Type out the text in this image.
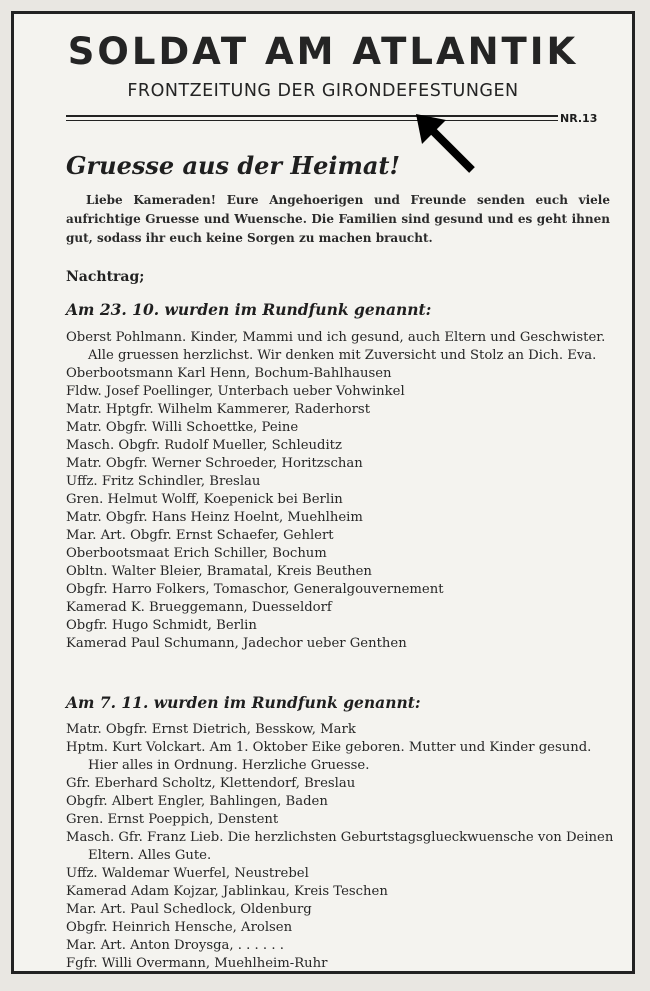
SOLDAT AM ATLANTIK
FRONTZEITUNG DER GIRONDEFESTUNGEN
NR.13
Gruesse aus der Heimat!
Liebe Kameraden! Eure Angehoerigen und Freunde senden euch viele aufrichtige Gruesse und Wuensche. Die Familien sind gesund und es geht ihnen gut, sodass ihr euch keine Sorgen zu machen braucht.
Nachtrag;
Am 23. 10. wurden im Rundfunk genannt:
Oberst Pohlmann. Kinder, Mammi und ich gesund, auch Eltern und Geschwister. Alle gruessen herzlichst. Wir denken mit Zuversicht und Stolz an Dich. Eva.
Oberbootsmann Karl Henn, Bochum-Bahlhausen
Fldw. Josef Poellinger, Unterbach ueber Vohwinkel
Matr. Hptgfr. Wilhelm Kammerer, Raderhorst
Matr. Obgfr. Willi Schoettke, Peine
Masch. Obgfr. Rudolf Mueller, Schleuditz
Matr. Obgfr. Werner Schroeder, Horitzschan
Uffz. Fritz Schindler, Breslau
Gren. Helmut Wolff, Koepenick bei Berlin
Matr. Obgfr. Hans Heinz Hoelnt, Muehlheim
Mar. Art. Obgfr. Ernst Schaefer, Gehlert
Oberbootsmaat Erich Schiller, Bochum
Obltn. Walter Bleier, Bramatal, Kreis Beuthen
Obgfr. Harro Folkers, Tomaschor, Generalgouvernement
Kamerad K. Brueggemann, Duesseldorf
Obgfr. Hugo Schmidt, Berlin
Kamerad Paul Schumann, Jadechor ueber Genthen
Am 7. 11. wurden im Rundfunk genannt:
Matr. Obgfr. Ernst Dietrich, Besskow, Mark
Hptm. Kurt Volckart. Am 1. Oktober Eike geboren. Mutter und Kinder gesund. Hier alles in Ordnung. Herzliche Gruesse.
Gfr. Eberhard Scholtz, Klettendorf, Breslau
Obgfr. Albert Engler, Bahlingen, Baden
Gren. Ernst Poeppich, Denstent
Masch. Gfr. Franz Lieb. Die herzlichsten Geburtstagsglueckwuensche von Deinen Eltern. Alles Gute.
Uffz. Waldemar Wuerfel, Neustrebel
Kamerad Adam Kojzar, Jablinkau, Kreis Teschen
Mar. Art. Paul Schedlock, Oldenburg
Obgfr. Heinrich Hensche, Arolsen
Mar. Art. Anton Droysga, . . . . . .
Fgfr. Willi Overmann, Muehlheim-Ruhr
